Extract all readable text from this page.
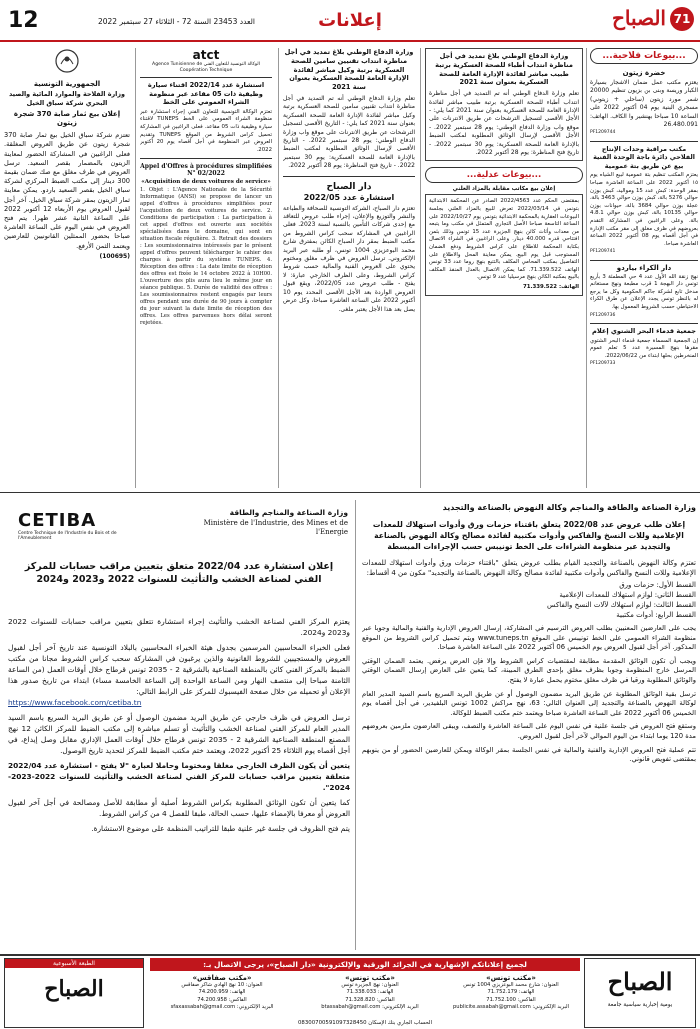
12	العدد 23453 السنة 72 - الثلاثاء 27 سبتمبر 2022	إعلانات	71
الصباح
...بيوعات فلاحية...
خضرة زيتون
يعتزم مكتب عمل ضمان الاشجار بسيارة الكبار وريسة وبنى بن بزيون تنظيم 20000 شمر مورد زيتون (ساحلي + زيتوني) مسجري البنية يوم 04 أكتوبر 2022 على الساعة 10 صباحا بهنشير وا الكاف. الهاتف: 26.480.091
PF1209744
مكتب مراقبة وحدات الإنتاج الفلاحي دائرة باجة الوحدة الفنية بيع عن طريق بتة عمومية
يعتزم المكتب تنظيم بتة عمومية لبيع الشياه يوم ١٥ أكتوبر 2022 على الساعة العاشرة صباحا بمقر الوحدة: كبش عدد 15 ومواليد، كبش بوزن حوالي 5276 بالة، كبش بوزن حوالي 3463 بالة، عجلة بوزن حوالي 3684 بالة، حيوانات بوزن حوالي 10135 بالة، كبش بوزن حوالي 4.8.1 بالة. وعلى الراغبين في المشاركة التقدم بعروضهم في ظرف مغلق إلى مقر مكتب الإدارة في أجل أقصاه يوم 08 أكتوبر 2022 الساعة العاشرة صباحا.
PF1209741
دار الكراء بياردو
نهج زنقة الله الأول عدد 4 حي المطمئة 3 بأريع تونس دار البهجة 1 قرب مطبعة ونهج مستغانم مدخل تابع لشركة جاكم الحكومية وكل ما يرجع له بالنظر تونس يجدد الإعلان عن طرق الكراء الاحتياطي حسب الشروط المعمول بها.
PF1209736
جمعية قدماء البحر الشتوي إعلام
إن الجمعية المسماة جمعية قدماء البحر الشتوي مقرها بنهج المسيرة عدد 5 تعلم عموم المنخرطين بحلها ابتداء من 2022/06/22.
PF1209733
وزارة الدفاع الوطني بلاغ تمديد في أجل مناظرة انتداب أطباء للصحة العسكرية برتبة طبيب مباشر لفائدة الإدارة العامة للصحة العسكرية بعنوان سنة 2021
تعلم وزارة الدفاع الوطني أنه تم التمديد في أجل مناظرة انتداب أطباء للصحة العسكرية برتبة طبيب مباشر لفائدة الإدارة العامة للصحة العسكرية بعنوان سنة 2021 كما يلي: - الأجل الأقصى لتسجيل الترشحات عن طريق الانترنات على موقع واب وزارة الدفاع الوطني: يوم 28 سبتمبر 2022. - الأجل الأقصى لإرسال الوثائق المطلوبة لمكتب الضبط بالإدارة العامة للصحة العسكرية: يوم 30 سبتمبر 2022. - تاريخ فتح المناظرة: يوم 28 أكتوبر 2022.
...بيوعات عدلية...
إعلان بيع مكاتب مقابلة بالمزاد العلني
بمقتضى الحكم عدد 2022/4563 الصادر عن المحكمة الابتدائية بتونس في 2022/03/14 تعرض للبيع بالمزاد العلني بجلسة البيوعات العقارية بالمحكمة الابتدائية بتونس يوم 2022/10/27 على الساعة التاسعة صباحا الأصل التجاري المتمثل في مكتب وما يتبعه من معدات وأثاث كائن بنهج الجزيرة عدد 15 تونس وذلك بثمن افتتاحي قدره 40.000 دينار. وعلى الراغبين في الشراء الاتصال بكتابة المحكمة للاطلاع على كراس الشروط ودفع الضمان المستوجب قبل يوم البيع. يمكن معاينة المحل والاطلاع على التفاصيل بمكتب المحامي المكلف بالتتبع بنهج روما عدد 33 تونس الهاتف 71.339.522. كما يمكن الاتصال بالعدل المنفذ المكلف بالبيع بمكتبه الكائن بنهج مرسيليا عدد 9 تونس.
الهاتف: 71.339.522
وزارة الدفاع الوطني بلاغ تمديد في أجل مناظرة انتداب تقنيين سامين للصحة العسكرية برتبة وكيل مباشر لفائدة الإدارة العامة للصحة العسكرية بعنوان سنة 2021
تعلم وزارة الدفاع الوطني أنه تم التمديد في أجل مناظرة انتداب تقنيين سامين للصحة العسكرية برتبة وكيل مباشر لفائدة الإدارة العامة للصحة العسكرية بعنوان سنة 2021 كما يلي: - التاريخ الأقصى لتسجيل الترشحات عن طريق الانترنات على موقع واب وزارة الدفاع الوطني: يوم 28 سبتمبر 2022. - التاريخ الأقصى لإرسال الوثائق المطلوبة لمكتب الضبط بالإدارة العامة للصحة العسكرية: يوم 30 سبتمبر 2022. - تاريخ فتح المناظرة: يوم 28 أكتوبر 2022.
دار الصباح
استشارة عدد 2022/05
تعتزم دار الصباح، الشركة التونسية للصحافة والطباعة والنشر والتوزيع والإعلان، إجراء طلب عروض للتعاقد مع إحدى شركات التأمين بالنسبة لسنة 2023. فعلى الراغبين في المشاركة سحب كراس الشروط من مكتب الضبط بمقر دار الصباح الكائن بمفترق شارع محمد البوعزيزي 1004 تونس، أو طلبه عبر البريد الإلكتروني. ترسل العروض في ظرف مغلق ومختوم يحتوي على العروض الفنية والمالية حسب شروط كراس الشروط، وعلى الظرف الخارجي عبارة: لا يفتح - طلب عروض عدد 2022/05، ويقع قبول العروض الواردة بعد الأجل الأقصى المحدد يوم 10 أكتوبر 2022 على الساعة العاشرة صباحا، وكل عرض يصل بعد هذا الأجل يعتبر ملغى.
atct
الوكالة التونسية للتعاون الفني Agence Tunisienne de Coopération Technique
استشارة عدد 2022/14 اقتناء سيارة وظيفية ذات 05 مقاعد عبر منظومة الشراء العمومي على الخط
تعتزم الوكالة التونسية للتعاون الفني إجراء استشارة عبر منظومة الشراء العمومي على الخط TUNEPS لاقتناء سيارة وظيفية ذات 05 مقاعد. فعلى الراغبين في المشاركة تحميل كراس الشروط من الموقع TUNEPS وتقديم العروض عبر المنظومة في أجل أقصاه يوم 20 أكتوبر 2022.
Appel d'Offres à procédures simplifiées N° 02/2022
«Acquisition de deux voitures de service»
1. Objet : L'Agence Nationale de la Sécurité Informatique (ANSI) se propose de lancer un appel d'offres à procédures simplifiées pour l'acquisition de deux voitures de service. 2. Conditions de participation : La participation à cet appel d'offres est ouverte aux sociétés spécialisées dans le domaine, qui sont en situation fiscale régulière. 3. Retrait des dossiers : Les soumissionnaires intéressés par le présent appel d'offres peuvent télécharger le cahier des charges à partir du système TUNEPS. 4. Réception des offres : La date limite de réception des offres est fixée le 14 octobre 2022 à 10H00. L'ouverture des plis aura lieu le même jour en séance publique. 5. Durée de validité des offres : Les soumissionnaires restent engagés par leurs offres pendant une durée de 90 jours à compter du jour suivant la date limite de réception des offres. Les offres parvenues hors délai seront rejetées.
الجمهورية التونسية
وزارة الفلاحة والموارد المائية والصيد البحري شركة سباق الخيل
إعلان بيع ثمار صابة 370 شجرة زيتون
تعتزم شركة سباق الخيل بيع ثمار صابة 370 شجرة زيتون عن طريق العروض المغلقة. فعلى الراغبين في المشاركة الحضور لمعاينة الزيتون بالمضمار بقصر السعيد. ترسل العروض في ظرف مغلق مع صك ضمان بقيمة 300 دينار إلى مكتب الضبط المركزي لشركة سباق الخيل بقصر السعيد باردو. يمكن معاينة ثمار الزيتون بمقر شركة سباق الخيل. آخر أجل لقبول العروض يوم الأربعاء 12 أكتوبر 2022 على الساعة الثانية عشر ظهرا. يتم فتح العروض في نفس اليوم على الساعة العاشرة صباحا بحضور الممثلين القانونيين للعارضين ويعتمد الثمن الأرفع.
(100695)
CETIBA
Centre Technique de l'Industrie du Bois et de l'Ameublement
وزارة الصناعة والمناجم والطاقة
Ministère de l'Industrie, des Mines et de l'Energie
إعلان استشارة عدد 2022/04 متعلق بتعيين مراقب حسابات للمركز الفني لصناعة الخشب والتأثيث للسنوات 2022 و2023 و2024
يعتزم المركز الفني لصناعة الخشب والتأثيث إجراء استشارة تتعلق بتعيين مراقب حسابات للسنوات 2022 و2023 و2024.
فعلى الخبراء المحاسبين المرسمين بجدول هيئة الخبراء المحاسبين بالبلاد التونسية عند تاريخ آخر أجل لقبول العروض والمستجيبين للشروط القانونية والذين يرغبون في المشاركة سحب كراس الشروط مجانا من مكتب الضبط بالمركز الفني كائن بالمنطقة الصناعية بالشرقية 2 - 2035 تونس قرطاج خلال أوقات العمل (من الساعة الثامنة صباحا إلى منتصف النهار ومن الساعة الواحدة إلى الساعة الخامسة مساء) ابتداء من تاريخ صدور هذا الإعلان أو تحميله من خلال صفحة الفيسبوك للمركز على الرابط التالي:
https://www.facebook.com/cetiba.tn
ترسل العروض في ظرف خارجي عن طريق البريد مضمون الوصول أو عن طريق البريد السريع باسم السيد المدير العام للمركز الفني لصناعة الخشب والتأثيث أو تسلم مباشرة إلى مكتب الضبط للمركز الكائن 12 نهج المصنع المنطقة الصناعية الشرقية 2 - 2035 تونس قرطاج خلال أوقات العمل الإداري مقابل وصل إيداع، في أجل أقصاه يوم الثلاثاء 25 أكتوبر 2022، ويعتمد ختم مكتب الضبط للمركز لتحديد تاريخ الوصول.
يتعين أن يكون الظرف الخارجي مغلقا ومختوما وحاملا لعبارة "لا يفتح - استشارة عدد 2022/04 متعلقة بتعيين مراقب حسابات للمركز الفني لصناعة الخشب والتأثيث للسنوات 2022-2023-2024".
كما يتعين أن تكون الوثائق المطلوبة بكراس الشروط أصلية أو مطابقة للأصل ومصالحة في أجل آخر لقبول العروض أو معرفا بالإمضاء عليها، حسب الحالة، طبقا للفصل 4 من كراس الشروط.
يتم فتح الظروف في جلسة غير علنية طبقا للتراتيب المنظمة على موضوع الاستشارة.
وزارة الصناعة والطاقة والمناجم وكالة النهوض بالصناعة والتجديد
إعلان طلب عروض عدد 2022/08 يتعلق باقتناء حزمات ورق وأدوات استهلاك للمعدات الإعلامية وللات النسخ والفاكس وأدوات مكتبية لفائدة مصالح وكالة النهوض بالصناعة والتجديد عبر منظومة الشراءات على الخط تونيبس حسب الإجراءات المبسطة
تعتزم وكالة النهوض بالصناعة والتجديد القيام بطلب عروض يتعلق "باقتناء حزمات ورق وأدوات استهلاك للمعدات الإعلامية وللات النسخ والفاكس وأدوات مكتبية لفائدة مصالح وكالة النهوض بالصناعة والتجديد" مكون من 4 أقساط:
القسط الأول: حزمات ورق
القسط الثاني: لوازم استهلاك للمعدات الإعلامية
القسط الثالث: لوازم استهلاك لآلات النسخ والفاكس
القسط الرابع: أدوات مكتبية
يجب على العارضين المعنيين بطلب العروض الترسيم في المشاركة، إرسال العروض الإدارية والفنية والمالية وجوبا عبر منظومة الشراء العمومي على الخط تونيبس على الموقع www.tuneps.tn ويتم تحميل كراس الشروط من الموقع المذكور. آخر أجل لقبول العروض يوم الخميس 06 أكتوبر 2022 على الساعة العاشرة صباحا.
ويجب أن تكون الوثائق المقدمة مطابقة لمقتضيات كراس الشروط وإلا فإن العرض يرفض. يعتمد الضمان الوقتي المرسل خارج المنظومة وجوبا بظرف مغلق بإحدى الطرق المبينة، كما يتعين على العارض إرسال الضمان الوقتي والوثائق المطلوبة ورقيا في ظرف مغلق مختوم يحمل عبارة لا يفتح.
ترسل بقية الوثائق المطلوبة عن طريق البريد مضمون الوصول أو عن طريق البريد السريع باسم السيد المدير العام لوكالة النهوض بالصناعة والتجديد إلى العنوان التالي: 63، نهج مراكش 1002 تونس البلفيدير، في أجل أقصاه يوم الخميس 06 أكتوبر 2022 على الساعة العاشرة صباحا ويعتمد ختم مكتب الضبط للوكالة.
وستقع فتح العروض في جلسة علنية في نفس اليوم على الساعة العاشرة والنصف، ويبقى العارضون ملزمين بعروضهم مدة 120 يوما ابتداء من اليوم الموالي لآخر أجل لقبول العروض.
تتم عملية فتح العروض الإدارية والفنية والمالية في نفس الجلسة بمقر الوكالة ويمكن للعارضين الحضور أو من ينوبهم بمقتضى تفويض قانوني.
لجميع إعلاناتكم الإشهارية في الجرائد الورقية والإلكترونية «دار الصباح»، يرجى الاتصال بـ:
الصباح
يومية إخبارية سياسية جامعة
«مكتب تونس»
العنوان: شارع محمد البوعزيزي 1004 تونس
الهاتف: 71.752.179
الفاكس: 71.752.100
البريد الإلكتروني: publicite.assabah@gmail.com
«مكتب تونس»
العنوان: نهج الجزيرة تونس
الهاتف: 71.338.033
الفاكس: 71.328.820
البريد الإلكتروني: btassabah@gmail.com
«مكتب صفاقس»
العنوان: 10 نهج الهادي شاكر صفاقس
الهاتف: 74.200.959
الفاكس: 74.200.958
البريد الإلكتروني: sfaxassabah@gmail.com
الحساب الجاري بنك الإسكان 08300700591097328450
الطبعة الأسبوعية
الصباح
